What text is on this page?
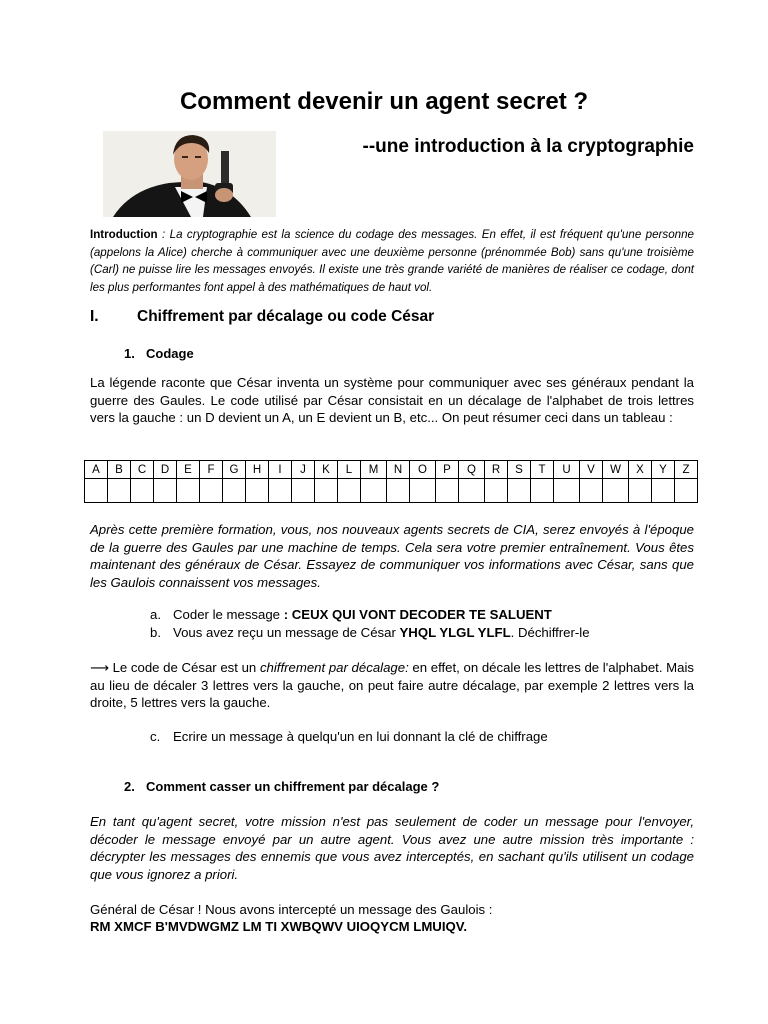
Comment devenir un agent secret ?
--une introduction à la cryptographie
Introduction : La cryptographie est la science du codage des messages. En effet, il est fréquent qu'une personne (appelons la Alice) cherche à communiquer avec une deuxième personne (prénommée Bob) sans qu'une troisième (Carl) ne puisse lire les messages envoyés. Il existe une très grande variété de manières de réaliser ce codage, dont les plus performantes font appel à des mathématiques de haut vol.
I. Chiffrement par décalage ou code César
1. Codage
La légende raconte que César inventa un système pour communiquer avec ses généraux pendant la guerre des Gaules. Le code utilisé par César consistait en un décalage de l'alphabet de trois lettres vers la gauche : un D devient un A, un E devient un B, etc... On peut résumer ceci dans un tableau :
A	B	C	D	E	F	G	H	I	J	K	L	M	N	O	P	Q	R	S	T	U	V	W	X	Y	Z

Après cette première formation, vous, nos nouveaux agents secrets de CIA, serez envoyés à l'époque de la guerre des Gaules par une machine de temps. Cela sera votre premier entraînement. Vous êtes maintenant des généraux de César. Essayez de communiquer vos informations avec César, sans que les Gaulois connaissent vos messages.
a. Coder le message : CEUX QUI VONT DECODER TE SALUENT
b. Vous avez reçu un message de César YHQL YLGL YLFL. Déchiffrer-le
⟶ Le code de César est un chiffrement par décalage: en effet, on décale les lettres de l'alphabet. Mais au lieu de décaler 3 lettres vers la gauche, on peut faire autre décalage, par exemple 2 lettres vers la droite, 5 lettres vers la gauche.
c. Ecrire un message à quelqu'un en lui donnant la clé de chiffrage
2. Comment casser un chiffrement par décalage ?
En tant qu'agent secret, votre mission n'est pas seulement de coder un message pour l'envoyer, décoder le message envoyé par un autre agent. Vous avez une autre mission très importante : décrypter les messages des ennemis que vous avez interceptés, en sachant qu'ils utilisent un codage que vous ignorez a priori.
Général de César ! Nous avons intercepté un message des Gaulois :
RM XMCF B'MVDWGMZ LM TI XWBQWV UIOQYCM LMUIQV.
